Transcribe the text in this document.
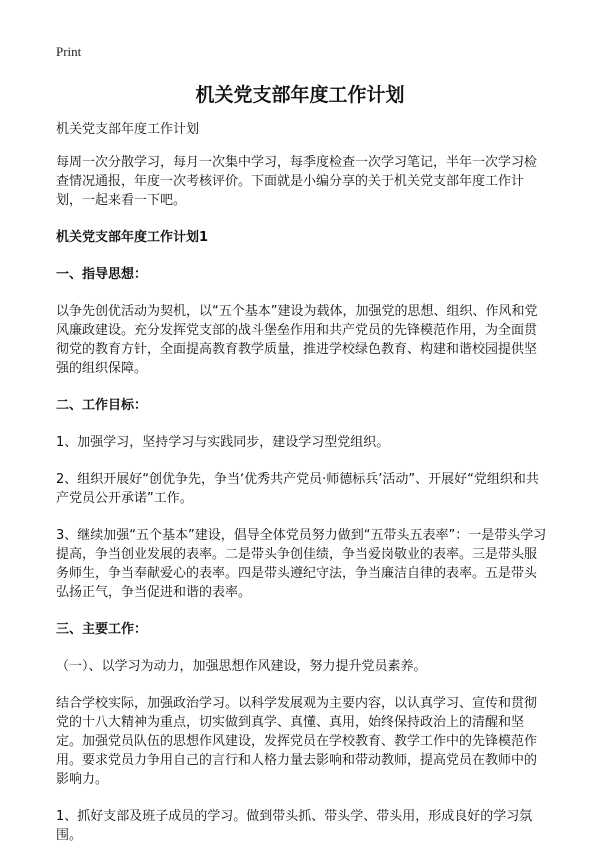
Print
机关党支部年度工作计划

机关党支部年度工作计划

每周一次分散学习，每月一次集中学习，每季度检查一次学习笔记，半年一次学习检查情况通报，年度一次考核评价。下面就是小编分享的关于机关党支部年度工作计划，一起来看一下吧。

机关党支部年度工作计划1
一、指导思想：

以争先创优活动为契机，以“五个基本”建设为载体，加强党的思想、组织、作风和党风廉政建设。充分发挥党支部的战斗堡垒作用和共产党员的先锋模范作用，为全面贯彻党的教育方针，全面提高教育教学质量，推进学校绿色教育、构建和谐校园提供坚强的组织保障。

二、工作目标：

1、加强学习，坚持学习与实践同步，建设学习型党组织。

2、组织开展好“创优争先，争当‘优秀共产党员·师德标兵’活动”、开展好“党组织和共产党员公开承诺”工作。

3、继续加强“五个基本”建设，倡导全体党员努力做到“五带头五表率”：一是带头学习提高，争当创业发展的表率。二是带头争创佳绩，争当爱岗敬业的表率。三是带头服务师生，争当奉献爱心的表率。四是带头遵纪守法，争当廉洁自律的表率。五是带头弘扬正气，争当促进和谐的表率。

三、主要工作：

（一）、以学习为动力，加强思想作风建设，努力提升党员素养。

结合学校实际，加强政治学习。以科学发展观为主要内容，以认真学习、宣传和贯彻党的十八大精神为重点，切实做到真学、真懂、真用，始终保持政治上的清醒和坚定。加强党员队伍的思想作风建设，发挥党员在学校教育、教学工作中的先锋模范作用。要求党员力争用自己的言行和人格力量去影响和带动教师，提高党员在教师中的影响力。

1、抓好支部及班子成员的学习。做到带头抓、带头学、带头用，形成良好的学习氛围。
